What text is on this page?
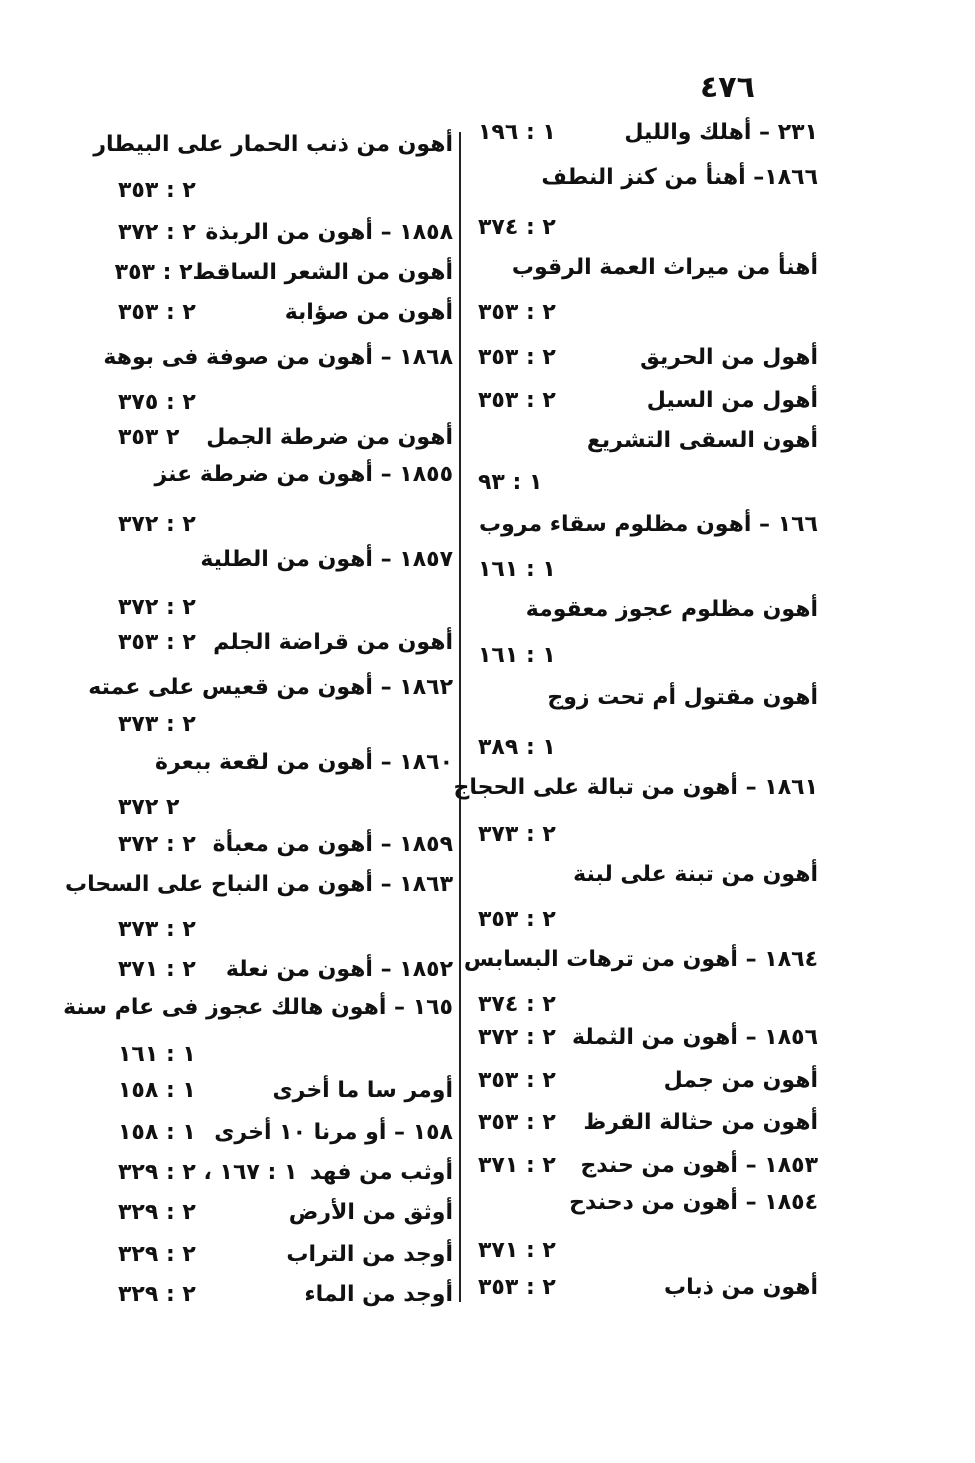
٤٧٦
٢٣١ – أهلك والليل
١ : ١٩٦
١٨٦٦– أهنأ من كنز النطف
٢ : ٣٧٤
أهنأ من ميراث العمة الرقوب
٢ : ٣٥٣
أهول من الحريق
٢ : ٣٥٣
أهول من السيل
٢ : ٣٥٣
أهون السقى التشريع
١ : ٩٣
١٦٦ – أهون مظلوم سقاء مروب
١ : ١٦١
أهون مظلوم عجوز معقومة
١ : ١٦١
أهون مقتول أم تحت زوج
١ : ٣٨٩
١٨٦١ – أهون من تبالة على الحجاج
٢ : ٣٧٣
أهون من تبنة على لبنة
٢ : ٣٥٣
١٨٦٤ – أهون من ترهات البسابس
٢ : ٣٧٤
١٨٥٦ – أهون من الثملة
٢ : ٣٧٢
أهون من جمل
٢ : ٣٥٣
أهون من حثالة القرظ
٢ : ٣٥٣
١٨٥٣ – أهون من حندج
٢ : ٣٧١
١٨٥٤ – أهون من دحندح
٢ : ٣٧١
أهون من ذباب
٢ : ٣٥٣
أهون من ذنب الحمار على البيطار
٢ : ٣٥٣
١٨٥٨ – أهون من الربذة
٢ : ٣٧٢
أهون من الشعر الساقط
٢ : ٣٥٣
أهون من صؤابة
٢ : ٣٥٣
١٨٦٨ – أهون من صوفة فى بوهة
٢ : ٣٧٥
أهون من ضرطة الجمل
٢ ٣٥٣
١٨٥٥ – أهون من ضرطة عنز
٢ : ٣٧٢
١٨٥٧ – أهون من الطلية
٢ : ٣٧٢
أهون من قراضة الجلم
٢ : ٣٥٣
١٨٦٢ – أهون من قعيس على عمته
٢ : ٣٧٣
١٨٦٠ – أهون من لقعة ببعرة
٢ ٣٧٢
١٨٥٩ – أهون من معبأة
٢ : ٣٧٢
١٨٦٣ – أهون من النباح على السحاب
٢ : ٣٧٣
١٨٥٢ – أهون من نعلة
٢ : ٣٧١
١٦٥ – أهون هالك عجوز فى عام سنة
١ : ١٦١
أومر سا ما أخرى
١ : ١٥٨
١٥٨ – أو مرنا ١٠ أخرى
١ : ١٥٨
أوثب من فهد
١ : ١٦٧ ، ٢ : ٣٢٩
أوثق من الأرض
٢ : ٣٢٩
أوجد من التراب
٢ : ٣٢٩
أوجد من الماء
٢ : ٣٢٩
